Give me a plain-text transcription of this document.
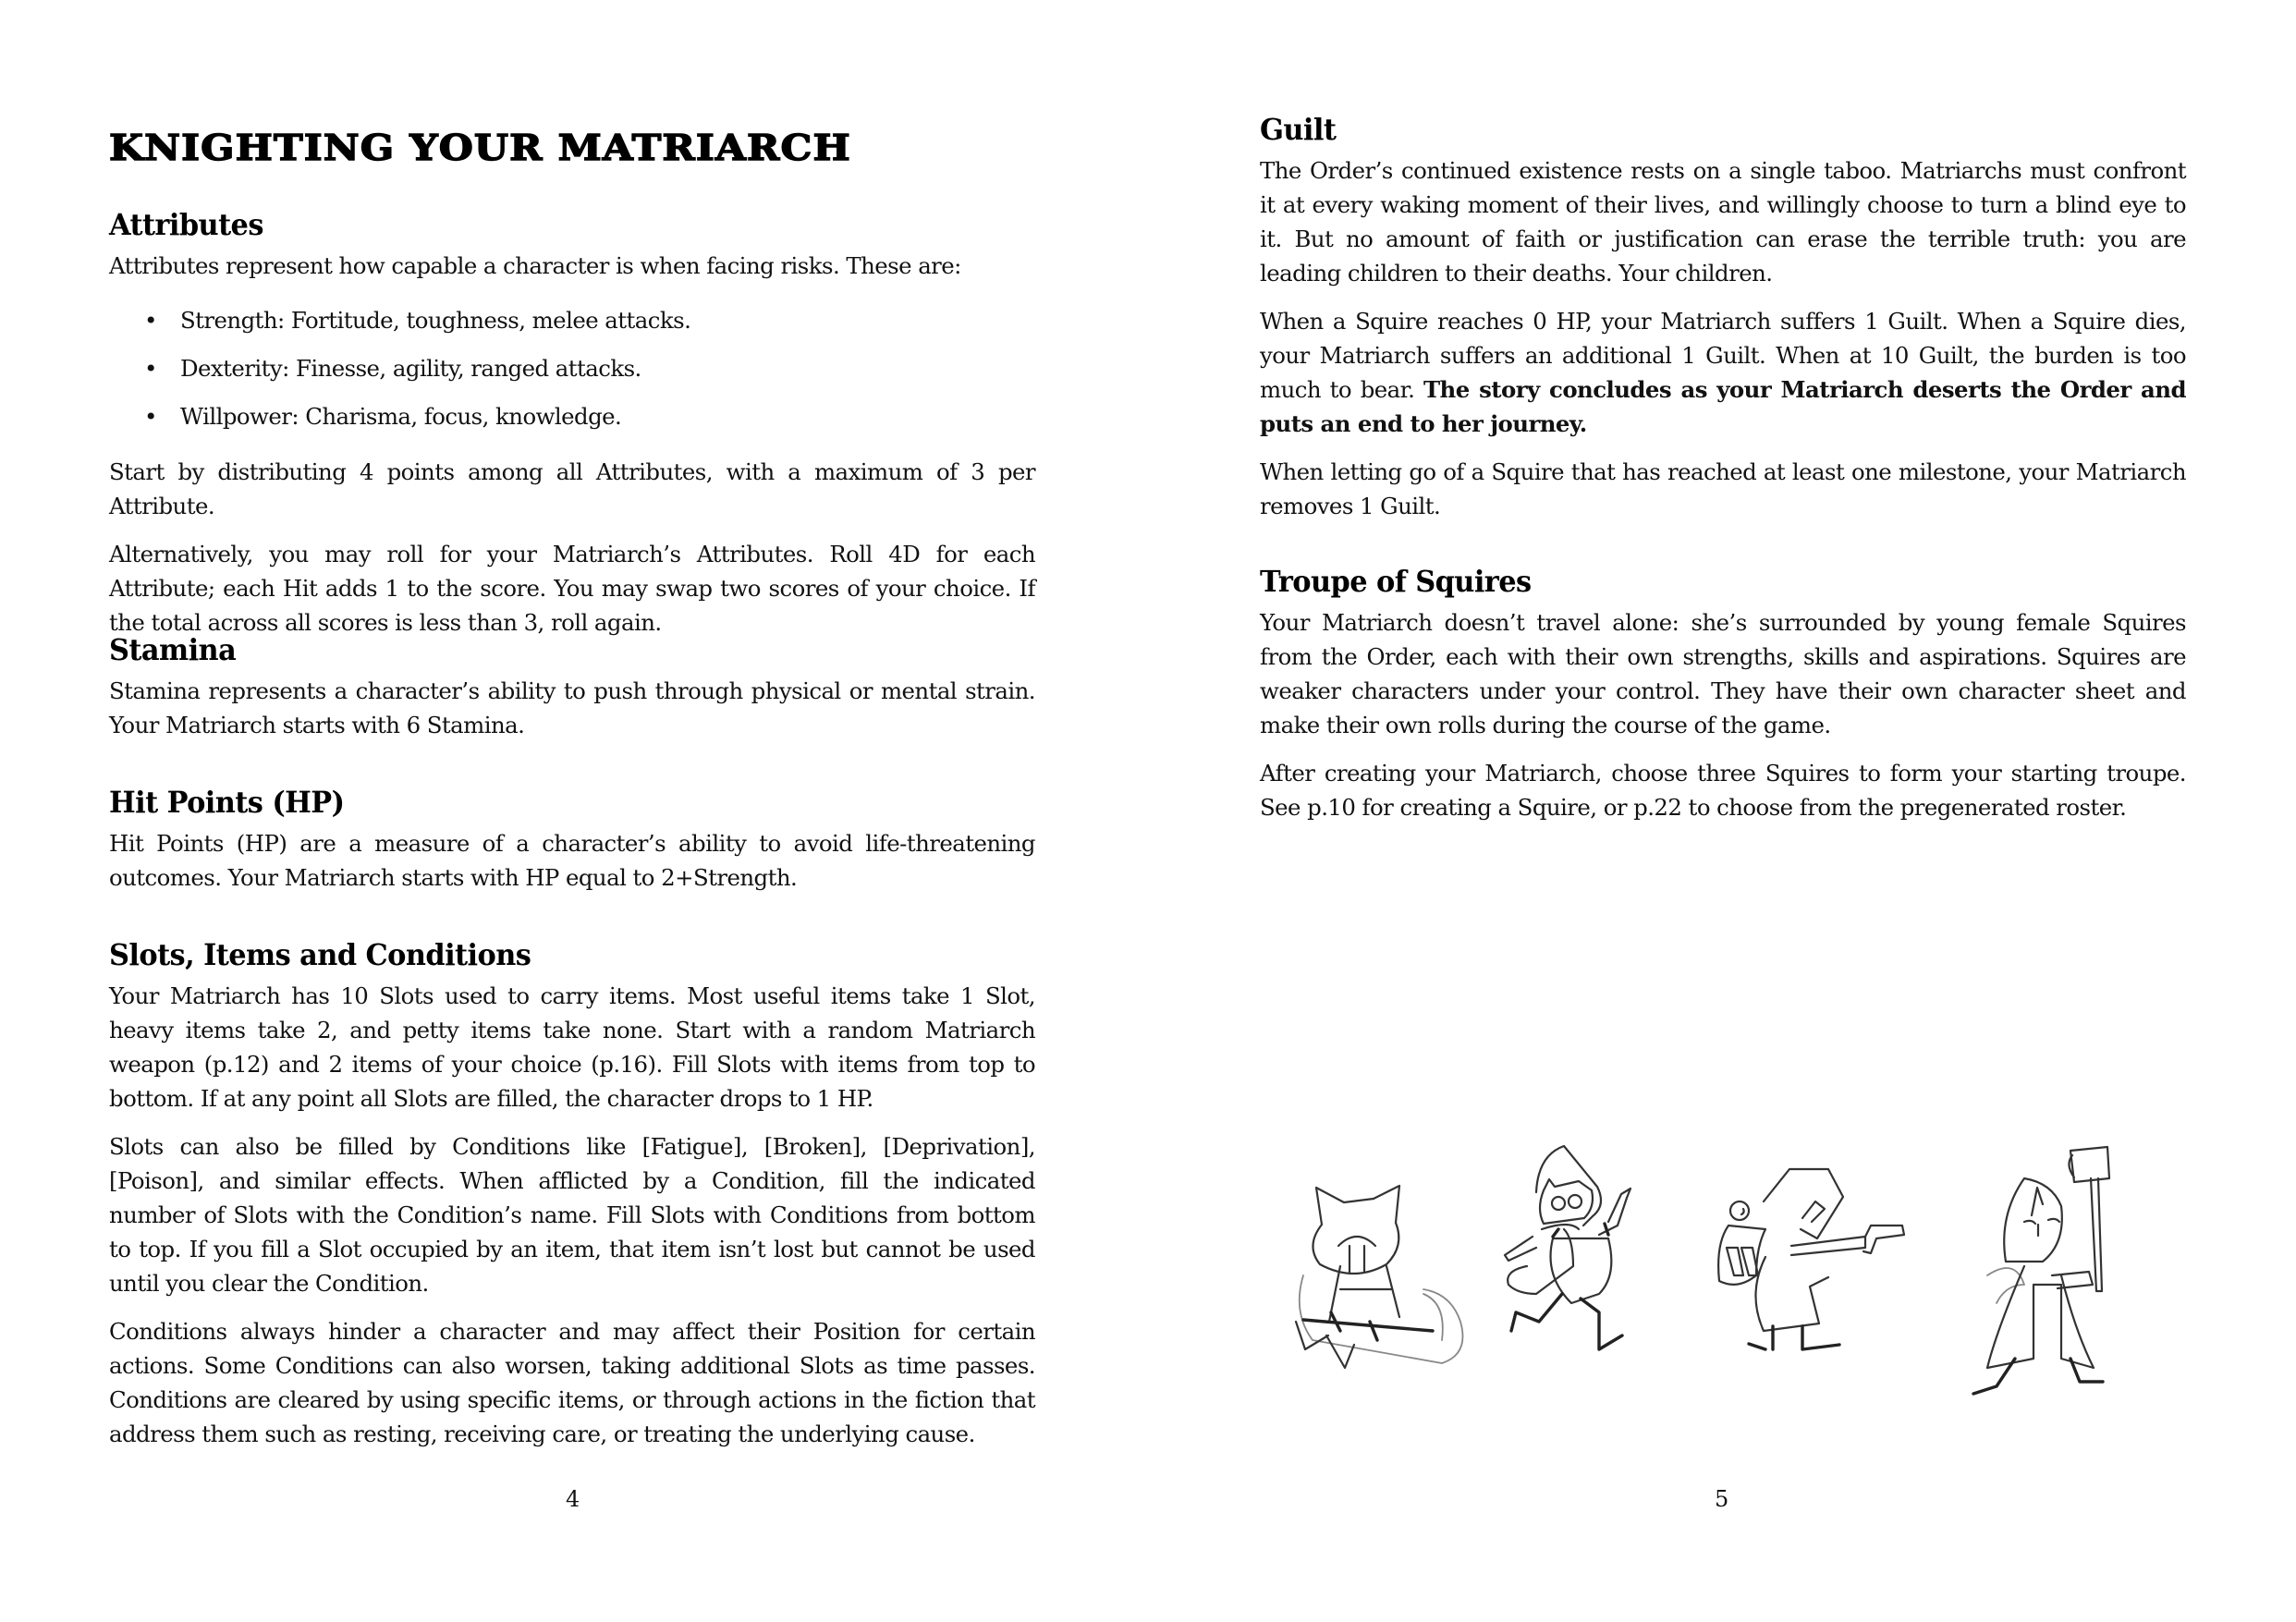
KNIGHTING YOUR MATRIARCH
Attributes

Attributes represent how capable a character is when facing risks. These are:

• Strength: Fortitude, toughness, melee attacks.
• Dexterity: Finesse, agility, ranged attacks.
• Willpower: Charisma, focus, knowledge.

Start by distributing 4 points among all Attributes, with a maximum of 3 per Attribute.

Alternatively, you may roll for your Matriarch’s Attributes. Roll 4D for each Attribute; each Hit adds 1 to the score. You may swap two scores of your choice. If the total across all scores is less than 3, roll again.

Stamina

Stamina represents a character’s ability to push through physical or mental strain. Your Matriarch starts with 6 Stamina.

Hit Points (HP)

Hit Points (HP) are a measure of a character’s ability to avoid life-threatening outcomes. Your Matriarch starts with HP equal to 2+Strength.

Slots, Items and Conditions

Your Matriarch has 10 Slots used to carry items. Most useful items take 1 Slot, heavy items take 2, and petty items take none. Start with a random Matriarch weapon (p.12) and 2 items of your choice (p.16). Fill Slots with items from top to bottom. If at any point all Slots are filled, the character drops to 1 HP.

Slots can also be filled by Conditions like [Fatigue], [Broken], [Deprivation], [Poison], and similar effects. When afflicted by a Condition, fill the indicated number of Slots with the Condition’s name. Fill Slots with Conditions from bottom to top. If you fill a Slot occupied by an item, that item isn’t lost but cannot be used until you clear the Condition.

Conditions always hinder a character and may affect their Position for certain actions. Some Conditions can also worsen, taking additional Slots as time passes. Conditions are cleared by using specific items, or through actions in the fiction that address them such as resting, receiving care, or treating the underlying cause.

4
Guilt

The Order’s continued existence rests on a single taboo. Matriarchs must confront it at every waking moment of their lives, and willingly choose to turn a blind eye to it. But no amount of faith or justification can erase the terrible truth: you are leading children to their deaths. Your children.

When a Squire reaches 0 HP, your Matriarch suffers 1 Guilt. When a Squire dies, your Matriarch suffers an additional 1 Guilt. When at 10 Guilt, the burden is too much to bear. The story concludes as your Matriarch deserts the Order and puts an end to her journey.

When letting go of a Squire that has reached at least one milestone, your Matriarch removes 1 Guilt.

Troupe of Squires

Your Matriarch doesn’t travel alone: she’s surrounded by young female Squires from the Order, each with their own strengths, skills and aspirations. Squires are weaker characters under your control. They have their own character sheet and make their own rolls during the course of the game.

After creating your Matriarch, choose three Squires to form your starting troupe. See p.10 for creating a Squire, or p.22 to choose from the pregenerated roster.

5
